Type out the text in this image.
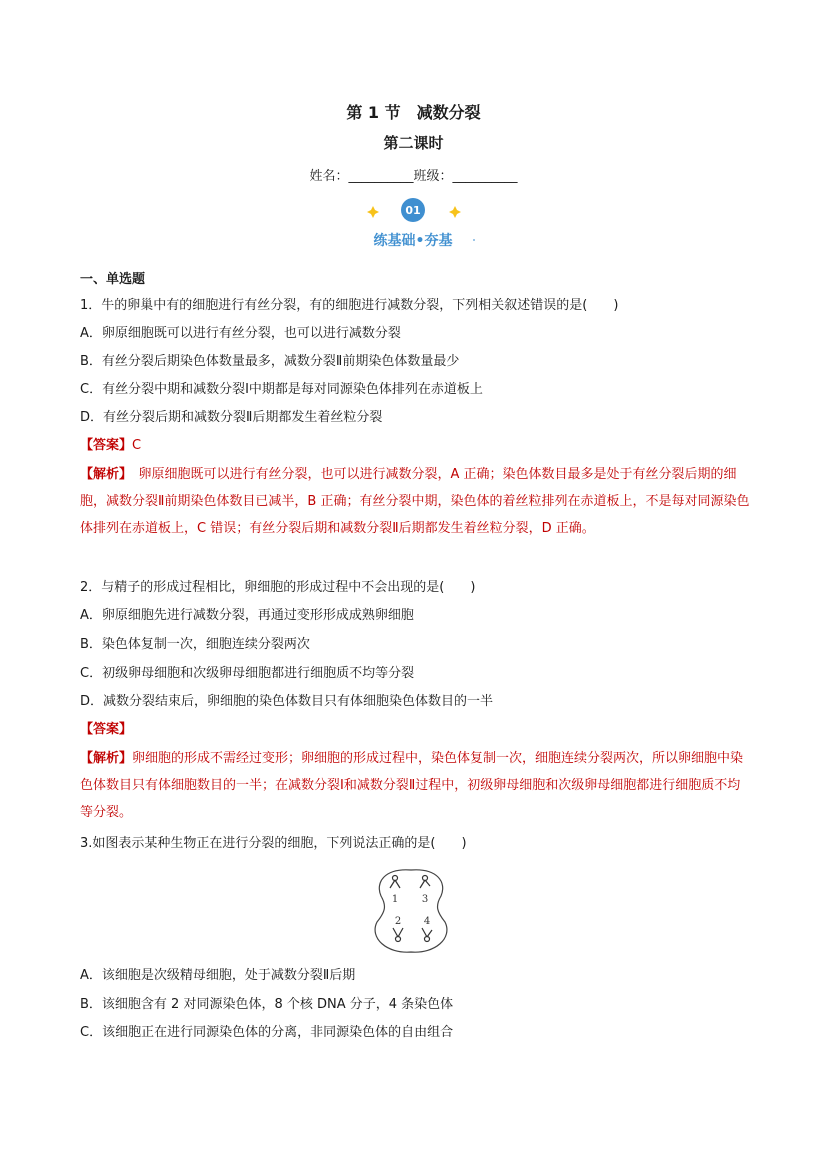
第 1 节　减数分裂
第二课时
姓名：__________班级：__________
01
练基础•夯基
一、单选题
1．牛的卵巢中有的细胞进行有丝分裂，有的细胞进行减数分裂，下列相关叙述错误的是(　　)
A．卵原细胞既可以进行有丝分裂，也可以进行减数分裂
B．有丝分裂后期染色体数量最多，减数分裂Ⅱ前期染色体数量最少
C．有丝分裂中期和减数分裂Ⅰ中期都是每对同源染色体排列在赤道板上
D．有丝分裂后期和减数分裂Ⅱ后期都发生着丝粒分裂
【答案】C
【解析】　卵原细胞既可以进行有丝分裂，也可以进行减数分裂，A 正确；染色体数目最多是处于有丝分裂后期的细胞，减数分裂Ⅱ前期染色体数目已减半，B 正确；有丝分裂中期，染色体的着丝粒排列在赤道板上，不是每对同源染色体排列在赤道板上，C 错误；有丝分裂后期和减数分裂Ⅱ后期都发生着丝粒分裂，D 正确。
2．与精子的形成过程相比，卵细胞的形成过程中不会出现的是(　　)
A．卵原细胞先进行减数分裂，再通过变形形成成熟卵细胞
B．染色体复制一次，细胞连续分裂两次
C．初级卵母细胞和次级卵母细胞都进行细胞质不均等分裂
D．减数分裂结束后，卵细胞的染色体数目只有体细胞染色体数目的一半
【答案】
【解析】卵细胞的形成不需经过变形；卵细胞的形成过程中，染色体复制一次，细胞连续分裂两次，所以卵细胞中染色体数目只有体细胞数目的一半；在减数分裂Ⅰ和减数分裂Ⅱ过程中，初级卵母细胞和次级卵母细胞都进行细胞质不均等分裂。
3.如图表示某种生物正在进行分裂的细胞，下列说法正确的是(　　)
1 3
2 4
A．该细胞是次级精母细胞，处于减数分裂Ⅱ后期
B．该细胞含有 2 对同源染色体，8 个核 DNA 分子，4 条染色体
C．该细胞正在进行同源染色体的分离，非同源染色体的自由组合
